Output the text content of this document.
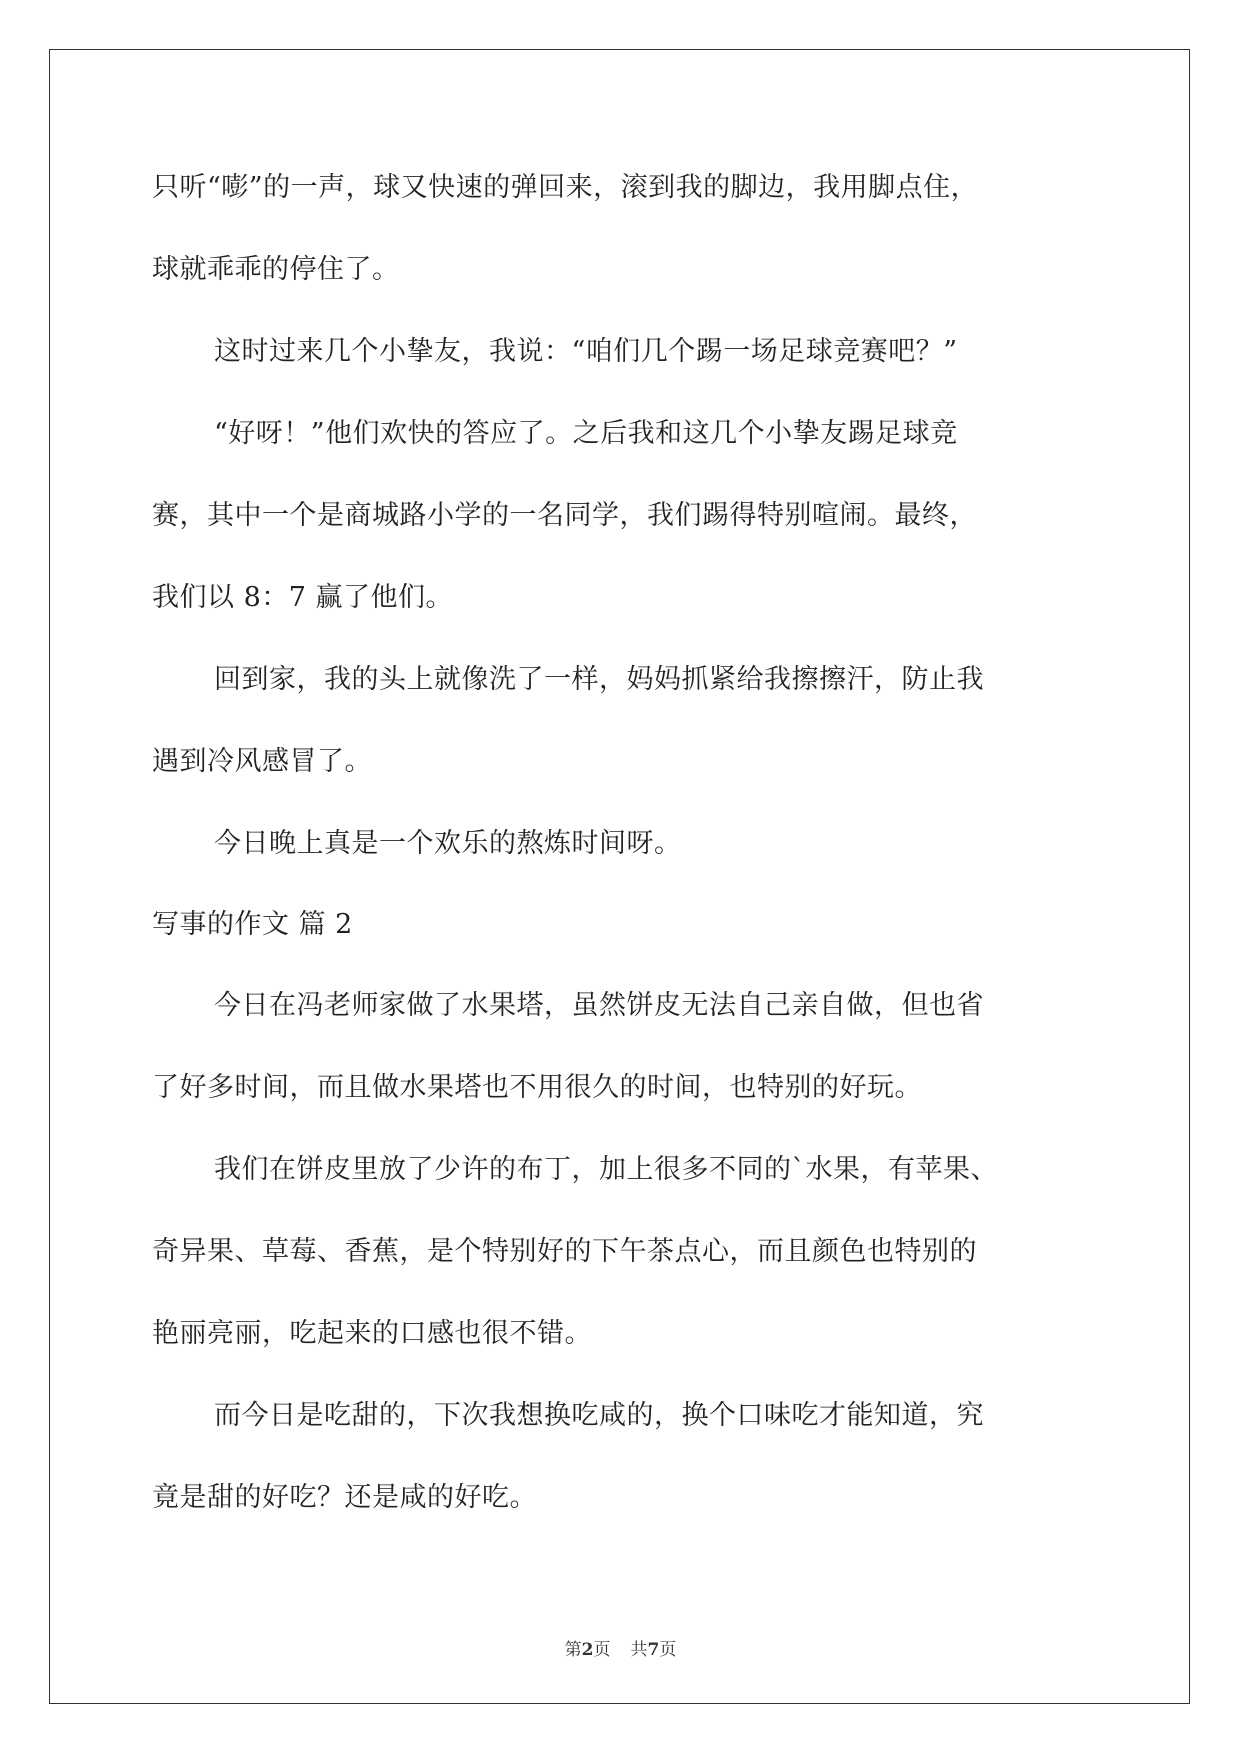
只听“嘭”的一声，球又快速的弹回来，滚到我的脚边，我用脚点住，
球就乖乖的停住了。
这时过来几个小挚友，我说：“咱们几个踢一场足球竞赛吧？”
“好呀！”他们欢快的答应了。之后我和这几个小挚友踢足球竞
赛，其中一个是商城路小学的一名同学，我们踢得特别喧闹。最终，
我们以 8：7 赢了他们。
回到家，我的头上就像洗了一样，妈妈抓紧给我擦擦汗，防止我
遇到冷风感冒了。
今日晚上真是一个欢乐的熬炼时间呀。
写事的作文 篇 2
今日在冯老师家做了水果塔，虽然饼皮无法自己亲自做，但也省
了好多时间，而且做水果塔也不用很久的时间，也特别的好玩。
我们在饼皮里放了少许的布丁，加上很多不同的`水果，有苹果、
奇异果、草莓、香蕉，是个特别好的下午茶点心，而且颜色也特别的
艳丽亮丽，吃起来的口感也很不错。
而今日是吃甜的，下次我想换吃咸的，换个口味吃才能知道，究
竟是甜的好吃？还是咸的好吃。
第2页 共7页
